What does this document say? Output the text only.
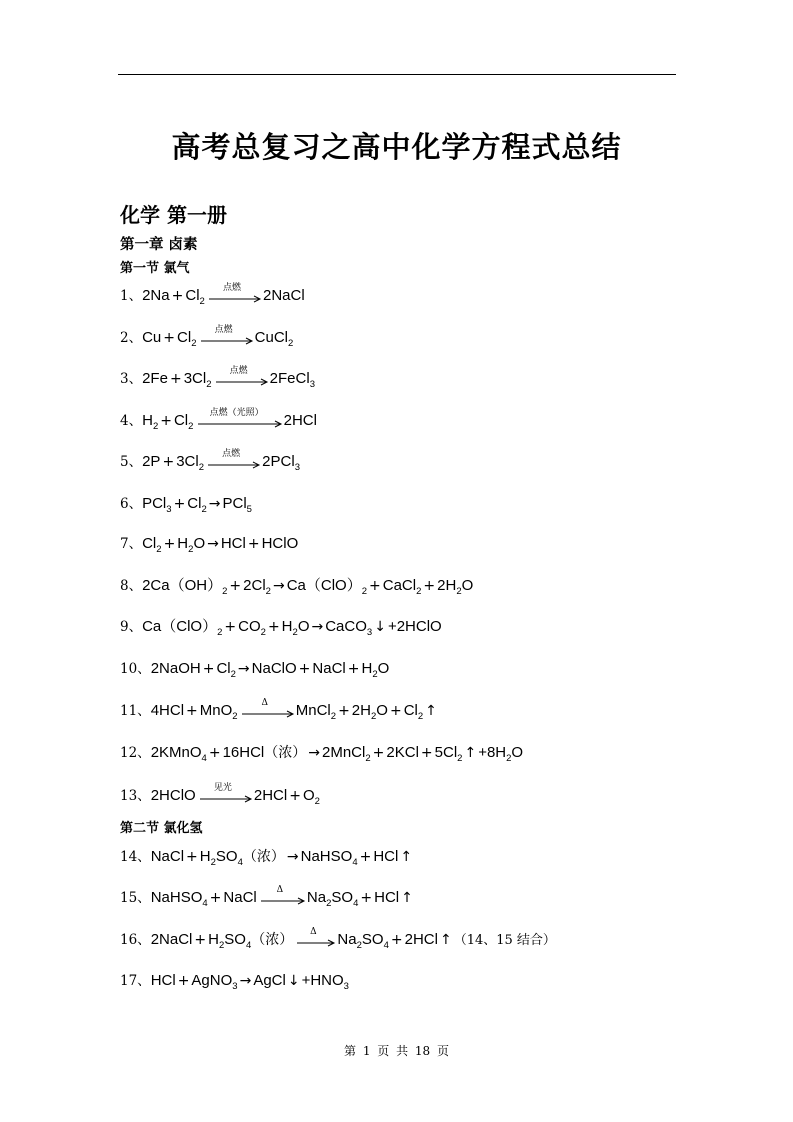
高考总复习之高中化学方程式总结
化学 第一册
第一章 卤素
第一节 氯气
1、$2Na + Cl_2$
点燃	2NaCl
2、$Cu + Cl_2$
点燃	CuCl$_2$
3、$2Fe + 3Cl_2$
点燃	2FeCl$_3$
4、$H_2 + Cl_2$
点燃（光照）	2HCl
5、$2P + 3Cl_2$
点燃	2PCl$_3$
6、$PCl_3 + Cl_2 \to PCl_5$
7、$Cl_2 + H_2O$ → HCl + HClO
8、$2Ca(OH)_2 + 2Cl_2 \to Ca(ClO)_2$ + CaCl$_2$ + $2H_2O$
9、$Ca(ClO)_2 + CO_2 + H_2O$ → CaCO$_3$ ↓ +2HClO
10、2NaOH + $Cl_2$ → NaClO + NaCl + $H_2O$
11、4HCl + MnO$_2$
Δ	MnCl$_2$ + $2H_2O + Cl_2$ ↑
12、2KMnO$_4$ + 16HCl（浓） → 2MnCl$_2$ + $2KCl + 5Cl_2$ ↑ $+8H_2O$
13、2HClO	见光	$2HCl + O_2$
第二节 氯化氢
14、NaCl + $H_2SO_4$（浓） → NaHSO$_4$ + HCl ↑
15、NaHSO$_4$ + NaCl	Δ	$Na_2SO_4$ + HCl ↑
16、2NaCl + $H_2SO_4$（浓）	Δ	$Na_2SO_4 + 2HCl$ ↑ （14、15 结合）
17、HCl + AgNO$_3$ → AgCl ↓ $+HNO_3$
第 1 页 共 18 页
